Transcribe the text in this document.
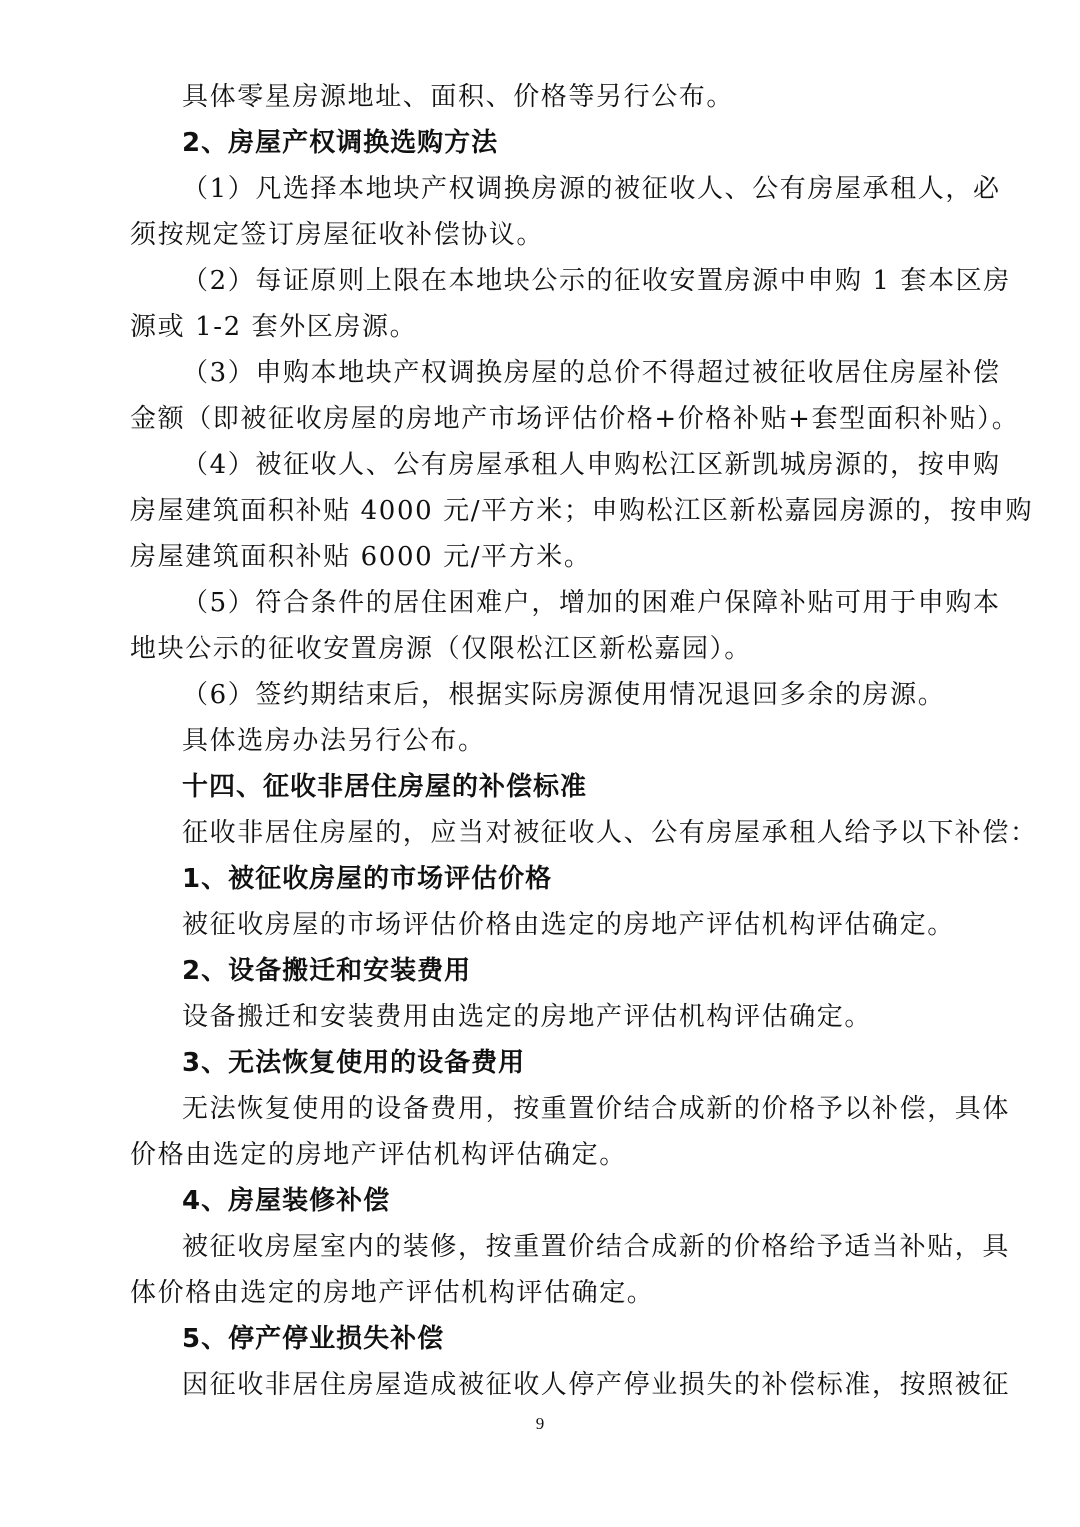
具体零星房源地址、面积、价格等另行公布。
2、房屋产权调换选购方法
（1）凡选择本地块产权调换房源的被征收人、公有房屋承租人，必
须按规定签订房屋征收补偿协议。
（2）每证原则上限在本地块公示的征收安置房源中申购 1 套本区房
源或 1-2 套外区房源。
（3）申购本地块产权调换房屋的总价不得超过被征收居住房屋补偿
金额（即被征收房屋的房地产市场评估价格+价格补贴+套型面积补贴）。
（4）被征收人、公有房屋承租人申购松江区新凯城房源的，按申购
房屋建筑面积补贴 4000 元/平方米；申购松江区新松嘉园房源的，按申购
房屋建筑面积补贴 6000 元/平方米。
（5）符合条件的居住困难户，增加的困难户保障补贴可用于申购本
地块公示的征收安置房源（仅限松江区新松嘉园）。
（6）签约期结束后，根据实际房源使用情况退回多余的房源。
具体选房办法另行公布。
十四、征收非居住房屋的补偿标准
征收非居住房屋的，应当对被征收人、公有房屋承租人给予以下补偿：
1、被征收房屋的市场评估价格
被征收房屋的市场评估价格由选定的房地产评估机构评估确定。
2、设备搬迁和安装费用
设备搬迁和安装费用由选定的房地产评估机构评估确定。
3、无法恢复使用的设备费用
无法恢复使用的设备费用，按重置价结合成新的价格予以补偿，具体
价格由选定的房地产评估机构评估确定。
4、房屋装修补偿
被征收房屋室内的装修，按重置价结合成新的价格给予适当补贴，具
体价格由选定的房地产评估机构评估确定。
5、停产停业损失补偿
因征收非居住房屋造成被征收人停产停业损失的补偿标准，按照被征
9
